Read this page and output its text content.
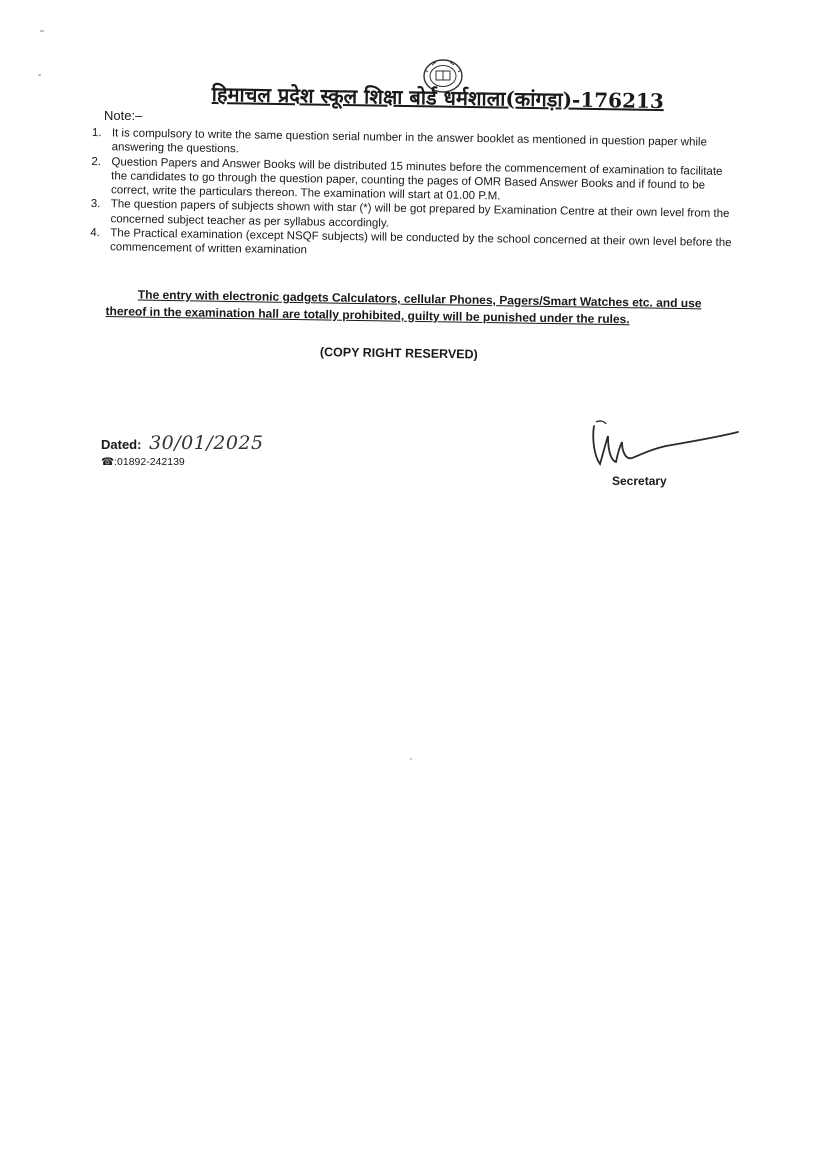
हिमाचल प्रदेश स्कूल शिक्षा बोर्ड धर्मशाला(कांगड़ा)-176213
Note:–

1. It is compulsory to write the same question serial number in the answer booklet as mentioned in question paper while answering the questions.

2. Question Papers and Answer Books will be distributed 15 minutes before the commencement of examination to facilitate the candidates to go through the question paper, counting the pages of OMR Based Answer Books and if found to be correct, write the particulars thereon. The examination will start at 01.00 P.M.

3. The question papers of subjects shown with star (*) will be got prepared by Examination Centre at their own level from the concerned subject teacher as per syllabus accordingly.

4. The Practical examination (except NSQF subjects) will be conducted by the school concerned at their own level before the commencement of written examination

The entry with electronic gadgets Calculators, cellular Phones, Pagers/Smart Watches etc. and use
thereof in the examination hall are totally prohibited, guilty will be punished under the rules.
(COPY RIGHT RESERVED)
Dated: 30/01/2025
☎:01892-242139
Secretary
